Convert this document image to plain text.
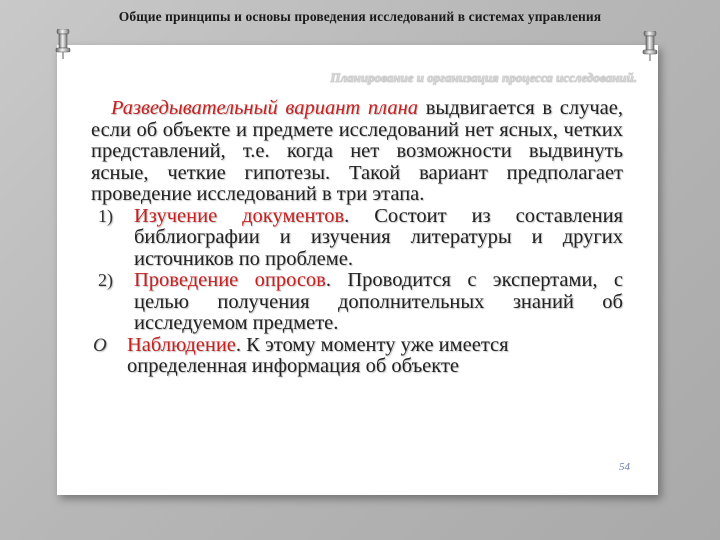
Общие принципы и основы проведения исследований в системах управления
Планирование и организация процесса исследований.

Разведывательный вариант плана выдвигается в случае, если об объекте и предмете исследований нет ясных, четких представлений, т.е. когда нет возможности выдвинуть ясные, четкие гипотезы. Такой вариант предполагает проведение исследований в три этапа.

1) Изучение документов. Состоит из составления библиографии и изучения литературы и других источников по проблеме.

2) Проведение опросов. Проводится с экспертами, с целью получения дополнительных знаний об исследуемом предмете.

O Наблюдение. К этому моменту уже имеется определенная информация об объекте

54
